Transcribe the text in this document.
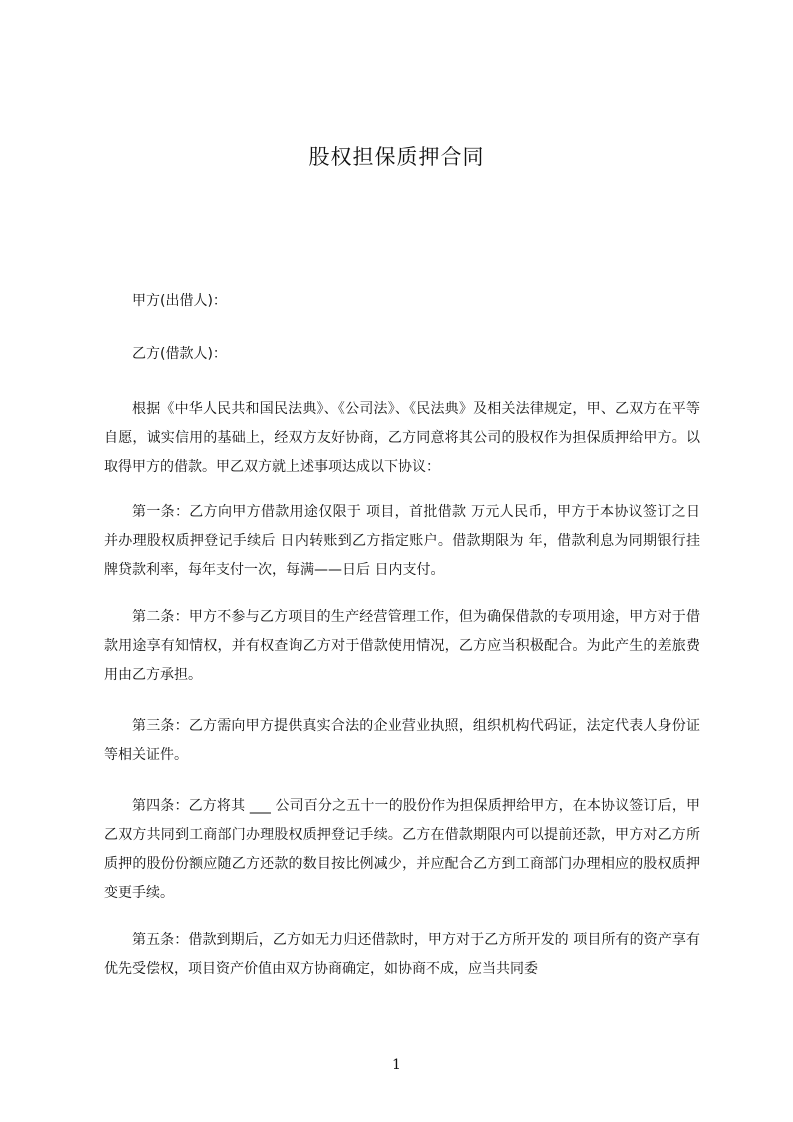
股权担保质押合同

甲方(出借人)：

乙方(借款人)：

根据《中华人民共和国民法典》、《公司法》、《民法典》及相关法律规定，甲、乙双方在平等自愿，诚实信用的基础上，经双方友好协商，乙方同意将其公司的股权作为担保质押给甲方。以取得甲方的借款。甲乙双方就上述事项达成以下协议：

第一条：乙方向甲方借款用途仅限于 项目，首批借款 万元人民币，甲方于本协议签订之日并办理股权质押登记手续后 日内转账到乙方指定账户。借款期限为 年，借款利息为同期银行挂牌贷款利率，每年支付一次，每满——日后 日内支付。

第二条：甲方不参与乙方项目的生产经营管理工作，但为确保借款的专项用途，甲方对于借款用途享有知情权，并有权查询乙方对于借款使用情况，乙方应当积极配合。为此产生的差旅费用由乙方承担。

第三条：乙方需向甲方提供真实合法的企业营业执照，组织机构代码证，法定代表人身份证等相关证件。

第四条：乙方将其 ___ 公司百分之五十一的股份作为担保质押给甲方，在本协议签订后，甲乙双方共同到工商部门办理股权质押登记手续。乙方在借款期限内可以提前还款，甲方对乙方所质押的股份份额应随乙方还款的数目按比例减少，并应配合乙方到工商部门办理相应的股权质押变更手续。

第五条：借款到期后，乙方如无力归还借款时，甲方对于乙方所开发的 项目所有的资产享有优先受偿权，项目资产价值由双方协商确定，如协商不成，应当共同委

1
